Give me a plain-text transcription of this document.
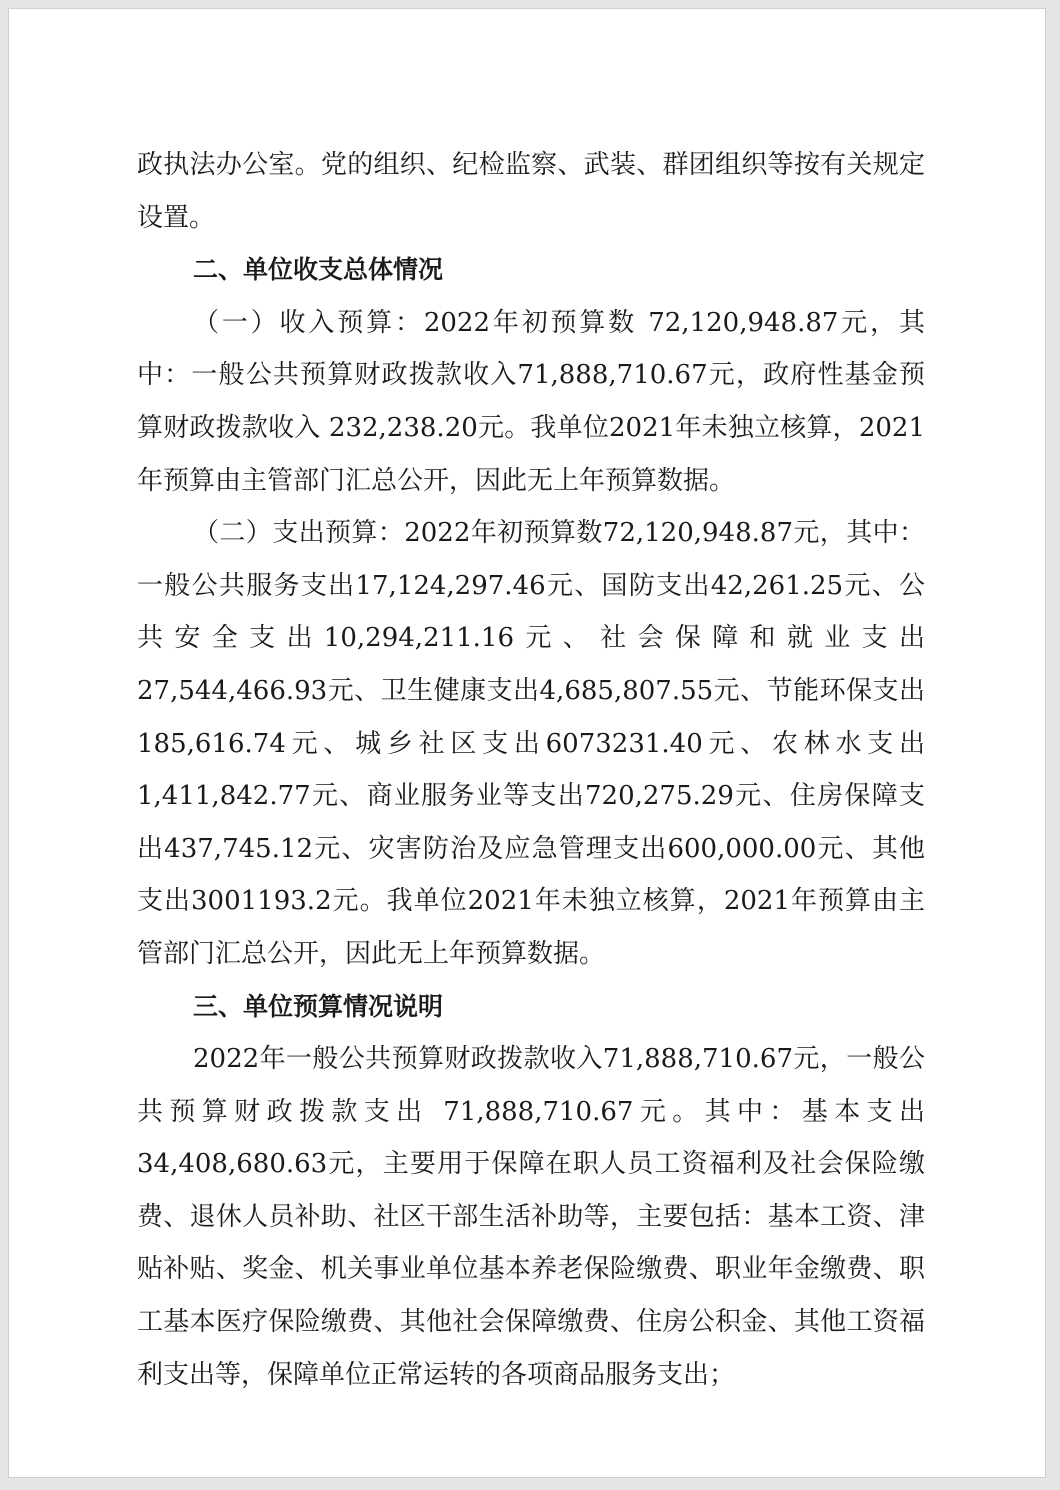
政执法办公室。党的组织、纪检监察、武装、群团组织等按有关规定设置。

二、单位收支总体情况

（一）收入预算：2022年初预算数 72,120,948.87元，其中：一般公共预算财政拨款收入71,888,710.67元，政府性基金预算财政拨款收入 232,238.20元。我单位2021年未独立核算，2021年预算由主管部门汇总公开，因此无上年预算数据。

（二）支出预算：2022年初预算数72,120,948.87元，其中：一般公共服务支出17,124,297.46元、国防支出42,261.25元、公共安全支出10,294,211.16元、社会保障和就业支出27,544,466.93元、卫生健康支出4,685,807.55元、节能环保支出185,616.74元、城乡社区支出6073231.40元、农林水支出1,411,842.77元、商业服务业等支出720,275.29元、住房保障支出437,745.12元、灾害防治及应急管理支出600,000.00元、其他支出3001193.2元。我单位2021年未独立核算，2021年预算由主管部门汇总公开，因此无上年预算数据。

三、单位预算情况说明

2022年一般公共预算财政拨款收入71,888,710.67元，一般公共预算财政拨款支出 71,888,710.67元。其中：基本支出34,408,680.63元，主要用于保障在职人员工资福利及社会保险缴费、退休人员补助、社区干部生活补助等，主要包括：基本工资、津贴补贴、奖金、机关事业单位基本养老保险缴费、职业年金缴费、职工基本医疗保险缴费、其他社会保障缴费、住房公积金、其他工资福利支出等，保障单位正常运转的各项商品服务支出；
